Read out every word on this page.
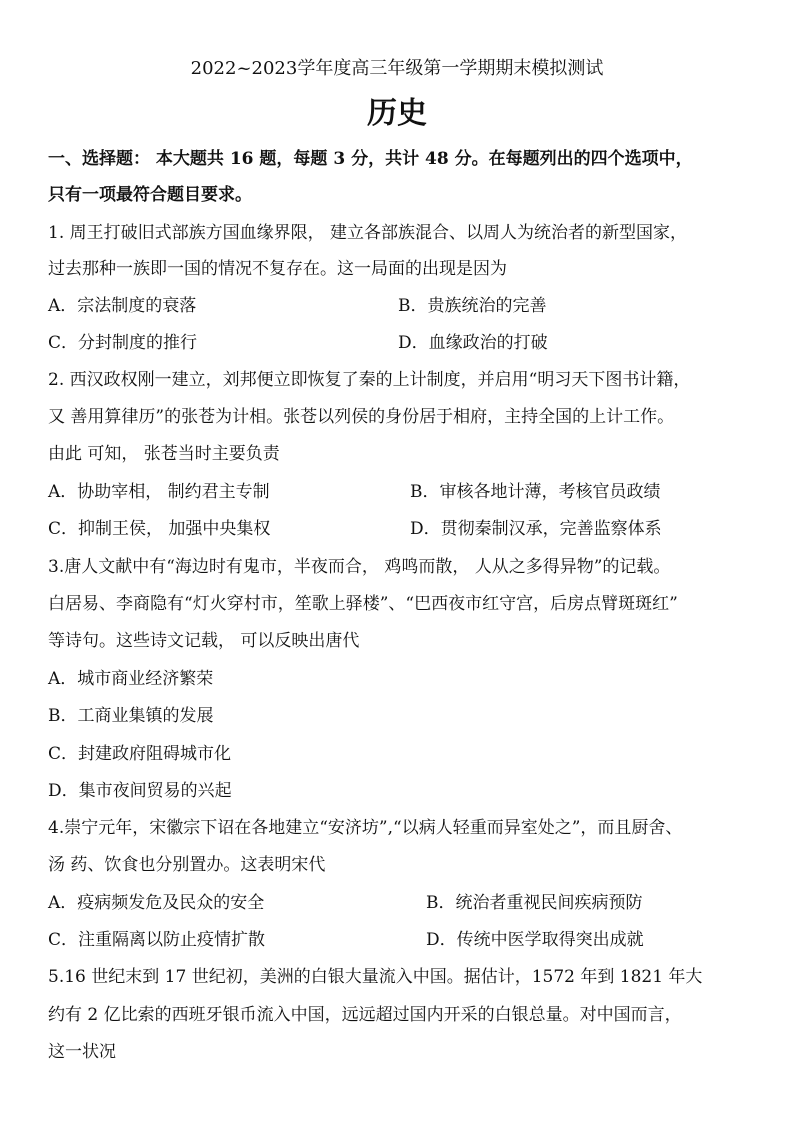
2022~2023学年度高三年级第一学期期末模拟测试
历史
一、选择题： 本大题共 16 题，每题 3 分，共计 48 分。在每题列出的四个选项中，
只有一项最符合题目要求。
1. 周王打破旧式部族方国血缘界限， 建立各部族混合、以周人为统治者的新型国家，
过去那种一族即一国的情况不复存在。这一局面的出现是因为
A．宗法制度的衰落	B．贵族统治的完善
C．分封制度的推行	D．血缘政治的打破
2. 西汉政权刚一建立，刘邦便立即恢复了秦的上计制度，并启用“明习天下图书计籍，
又 善用算律历”的张苍为计相。张苍以列侯的身份居于相府，主持全国的上计工作。
由此 可知， 张苍当时主要负责
A．协助宰相， 制约君主专制	B．审核各地计薄，考核官员政绩
C．抑制王侯， 加强中央集权	D．贯彻秦制汉承，完善监察体系
3.唐人文献中有“海边时有鬼市，半夜而合， 鸡鸣而散， 人从之多得异物”的记载。
白居易、李商隐有“灯火穿村市，笙歌上驿楼”、“巴西夜市红守宫，后房点臂斑斑红”
等诗句。这些诗文记载， 可以反映出唐代
A．城市商业经济繁荣
B．工商业集镇的发展
C．封建政府阻碍城市化
D．集市夜间贸易的兴起
4.崇宁元年，宋徽宗下诏在各地建立“安济坊”,“以病人轻重而异室处之”，而且厨舍、
汤 药、饮食也分别置办。这表明宋代
A．疫病频发危及民众的安全	B．统治者重视民间疾病预防
C．注重隔离以防止疫情扩散	D．传统中医学取得突出成就
5.16 世纪末到 17 世纪初，美洲的白银大量流入中国。据估计，1572 年到 1821 年大
约有 2 亿比索的西班牙银币流入中国，远远超过国内开采的白银总量。对中国而言，
这一状况
